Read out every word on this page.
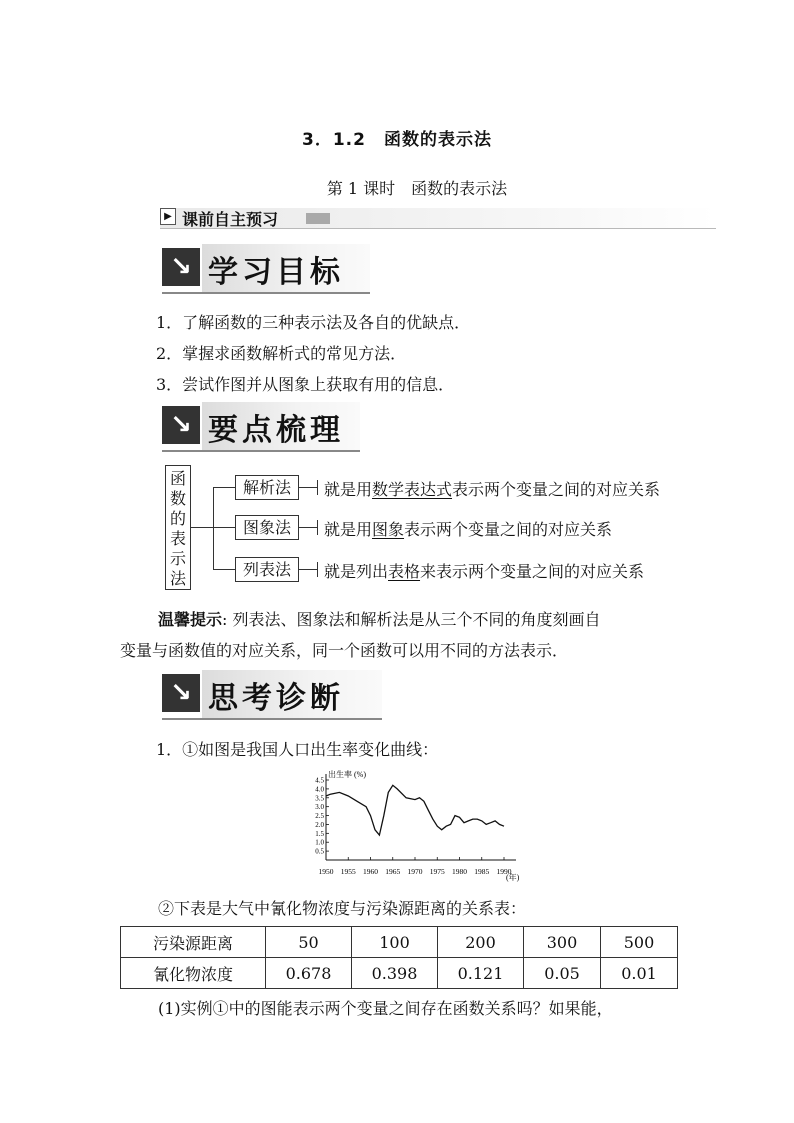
3．1.2　函数的表示法
第 1 课时　函数的表示法
▶ 课前自主预习
↘ 学习目标
1．了解函数的三种表示法及各自的优缺点．
2．掌握求函数解析式的常见方法．
3．尝试作图并从图象上获取有用的信息．
↘ 要点梳理
函
数
的
表
示
法
解析法
图象法
列表法
就是用数学表达式表示两个变量之间的对应关系
就是用图象表示两个变量之间的对应关系
就是列出表格来表示两个变量之间的对应关系
温馨提示: 列表法、图象法和解析法是从三个不同的角度刻画自
变量与函数值的对应关系，同一个函数可以用不同的方法表示．
↘ 思考诊断
1．①如图是我国人口出生率变化曲线：
0.5
1.0
1.5
2.0
2.5
3.0
3.5
4.0
4.5
1950 1955 1960 1965 1970 1975 1980 1985 1990
出生率 (%)
(年)
②下表是大气中氰化物浓度与污染源距离的关系表：
污染源距离	50	100	200	300	500
氰化物浓度	0.678	0.398	0.121	0.05	0.01
(1)实例①中的图能表示两个变量之间存在函数关系吗？如果能，
